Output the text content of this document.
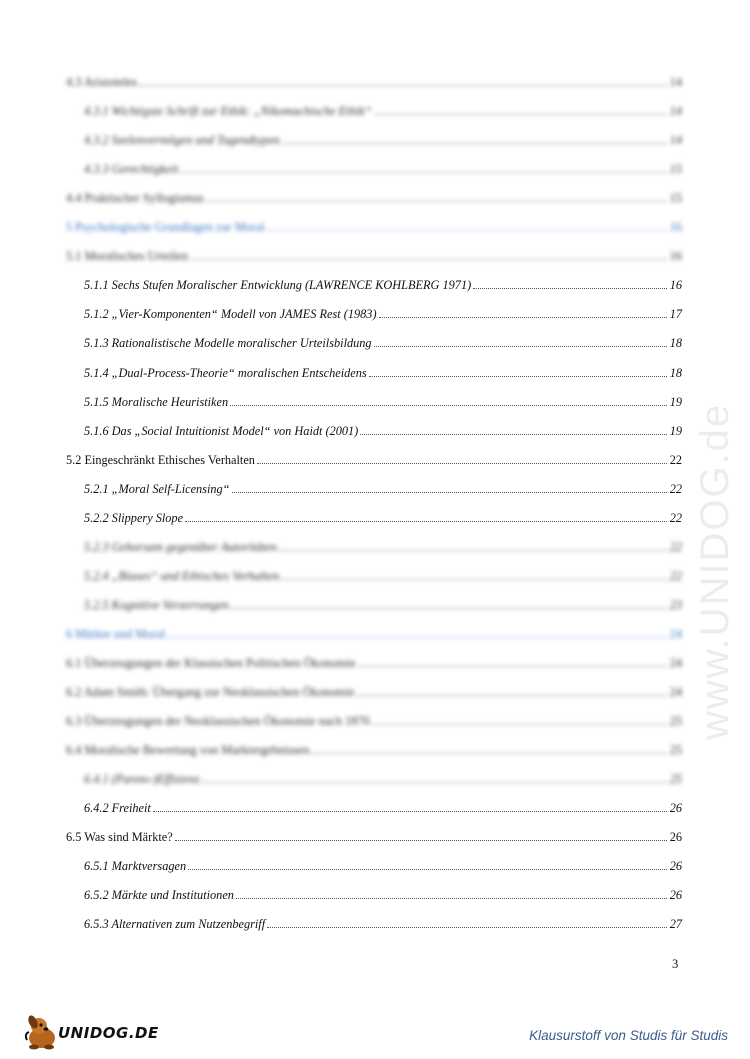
4.3 Aristoteles	14
4.3.1 Wichtigste Schrift zur Ethik: „Nikomachische Ethik“	14
4.3.2 Seelenvermögen und Tugendtypen	14
4.3.3 Gerechtigkeit	15
4.4 Praktischer Syllogismus	15
5 Psychologische Grundlagen zur Moral	16
5.1 Moralisches Urteilen	16
5.1.1 Sechs Stufen Moralischer Entwicklung (LAWRENCE KOHLBERG 1971)	16
5.1.2 „Vier-Komponenten“ Modell von JAMES Rest (1983)	17
5.1.3 Rationalistische Modelle moralischer Urteilsbildung	18
5.1.4 „Dual-Process-Theorie“ moralischen Entscheidens	18
5.1.5 Moralische Heuristiken	19
5.1.6 Das „Social Intuitionist Model“ von Haidt (2001)	19
5.2 Eingeschränkt Ethisches Verhalten	22
5.2.1 „Moral Self-Licensing“	22
5.2.2 Slippery Slope	22
5.2.3 Gehorsam gegenüber Autoritäten	22
5.2.4 „Biases“ und Ethisches Verhalten	22
5.2.5 Kognitive Verzerrungen	23
6 Märkte und Moral	24
6.1 Überzeugungen der Klassischen Politischen Ökonomie	24
6.2 Adam Smith: Übergang zur Neoklassischen Ökonomie	24
6.3 Überzeugungen der Neoklassischen Ökonomie nach 1870	25
6.4 Moralische Bewertung von Marktergebnissen	25
6.4.1 (Pareto-)Effizienz	25
6.4.2 Freiheit	26
6.5 Was sind Märkte?	26
6.5.1 Marktversagen	26
6.5.2 Märkte und Institutionen	26
6.5.3 Alternativen zum Nutzenbegriff	27
3
www.UNIDOG.de
UNIDOG.DE	Klausurstoff von Studis für Studis
